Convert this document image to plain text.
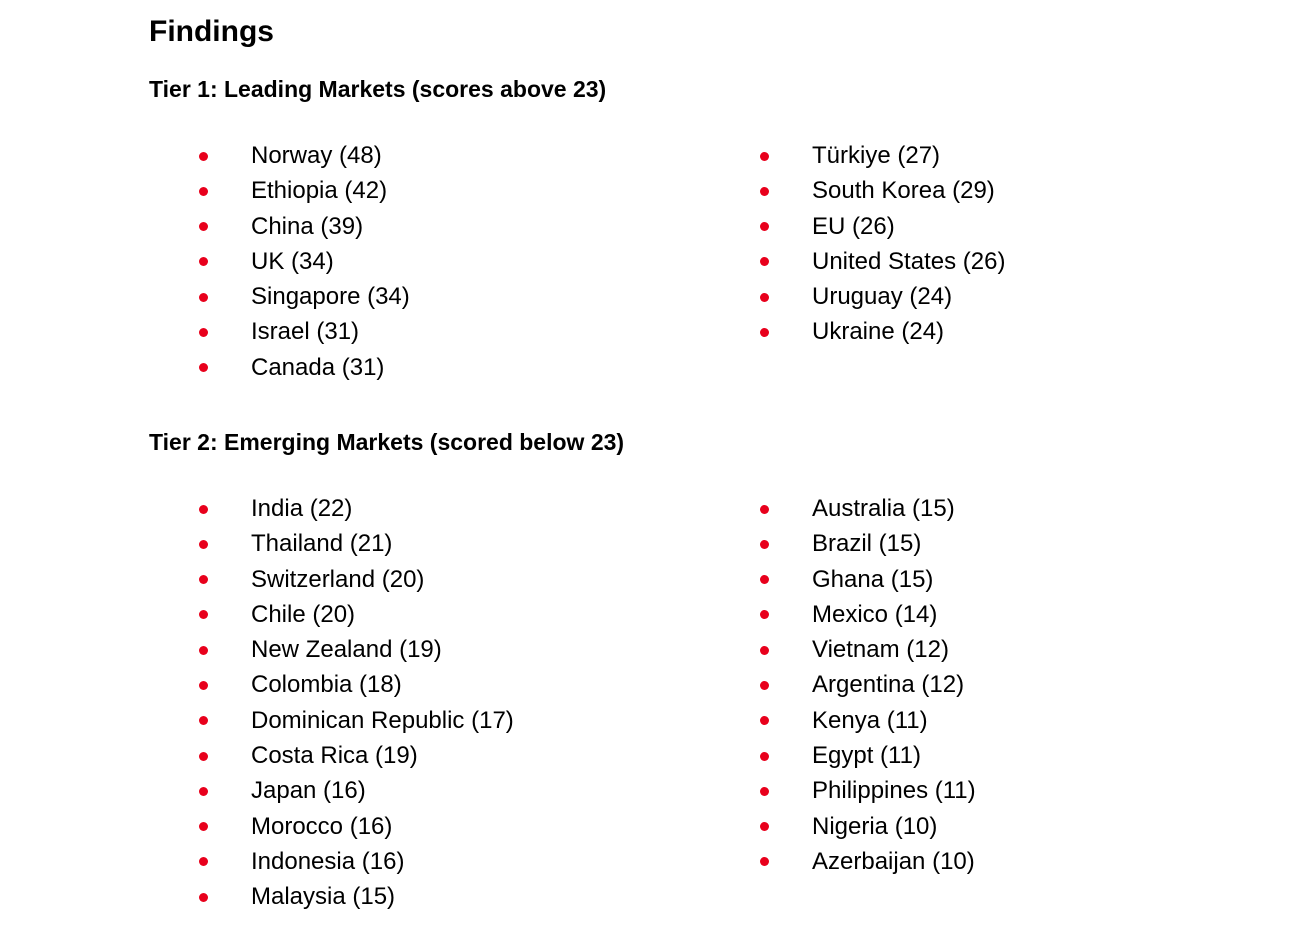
Findings
Tier 1: Leading Markets (scores above 23)
Norway (48)
Ethiopia (42)
China (39)
UK (34)
Singapore (34)
Israel (31)
Canada (31)
Türkiye (27)
South Korea (29)
EU (26)
United States (26)
Uruguay (24)
Ukraine (24)
Tier 2: Emerging Markets (scored below 23)
India (22)
Thailand (21)
Switzerland (20)
Chile (20)
New Zealand (19)
Colombia (18)
Dominican Republic (17)
Costa Rica (19)
Japan (16)
Morocco (16)
Indonesia (16)
Malaysia (15)
Australia (15)
Brazil (15)
Ghana (15)
Mexico (14)
Vietnam (12)
Argentina (12)
Kenya (11)
Egypt (11)
Philippines (11)
Nigeria (10)
Azerbaijan (10)
